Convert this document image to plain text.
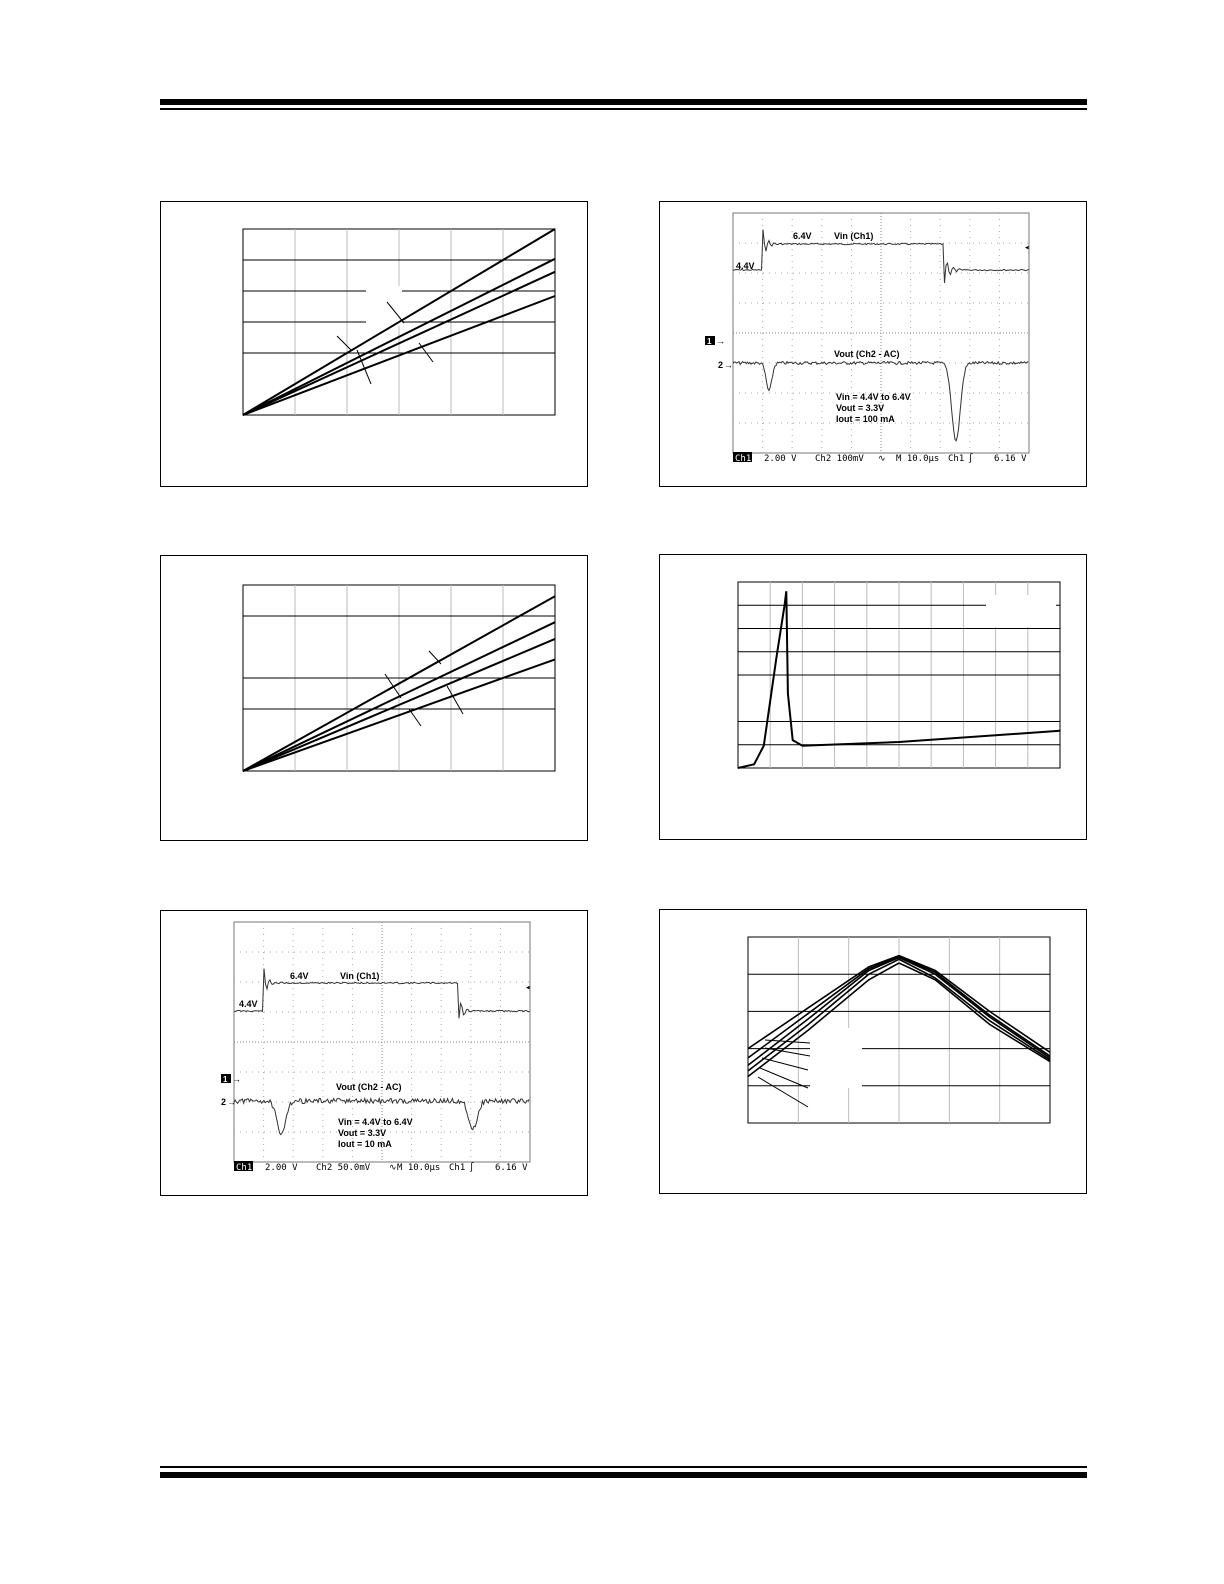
6.4V Vin (Ch1)
4.4V
1 →
2 →
Vout (Ch2 - AC)
Vin = 4.4V to 6.4V
Vout = 3.3V
Iout = 100 mA
Ch1 2.00 V Ch2 100mV ∿ M 10.0µs Ch1 ∫ 6.16 V
◂
6.4V	Vin (Ch1)
4.4V
1 →
2 →
Vout (Ch2 - AC)
Vin = 4.4V to 6.4V
Vout = 3.3V
Iout = 10 mA
Ch1 2.00 V Ch2 50.0mV ∿ M 10.0µs Ch1 ∫ 6.16 V
◂
